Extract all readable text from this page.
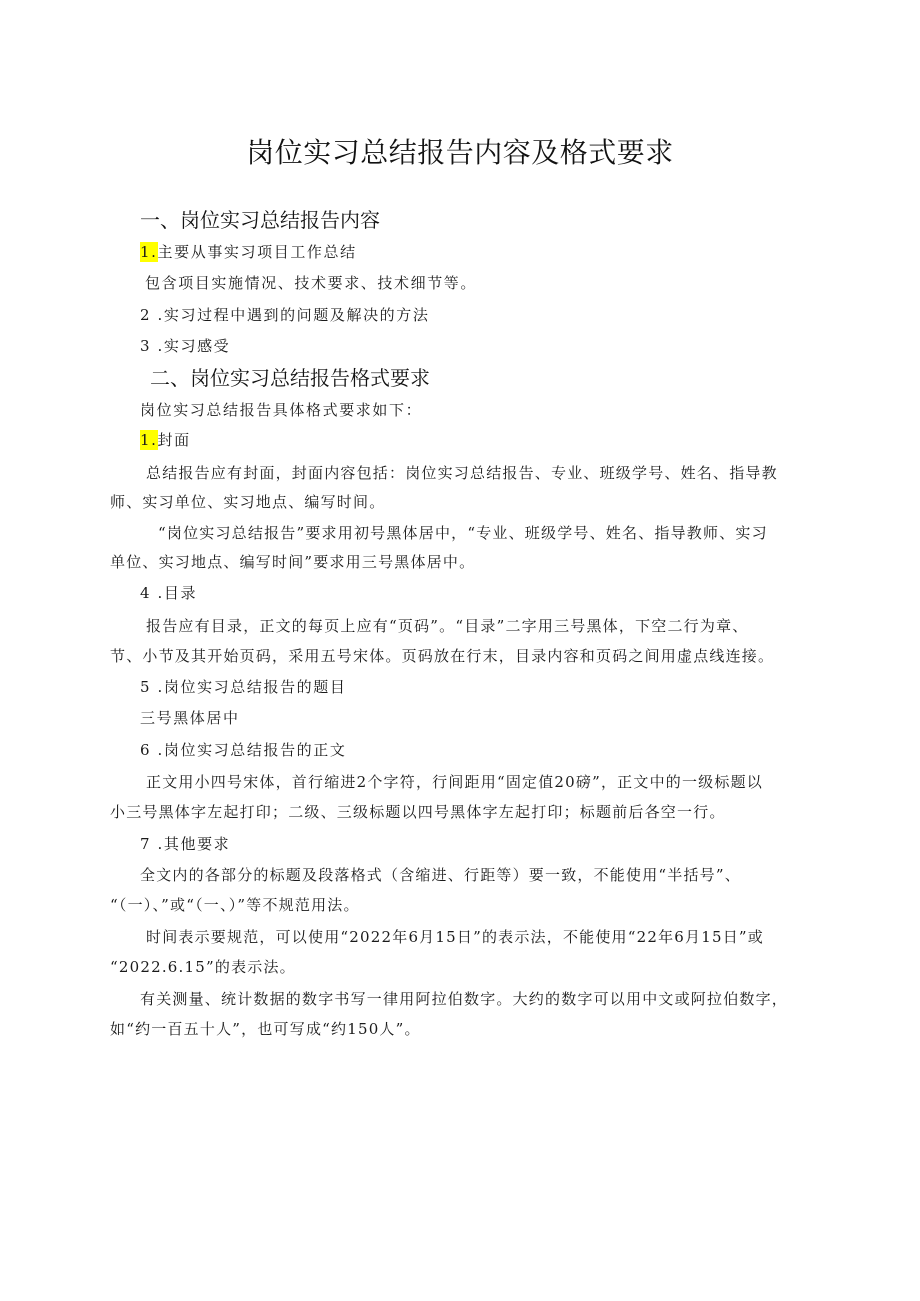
岗位实习总结报告内容及格式要求
一、岗位实习总结报告内容
1.主要从事实习项目工作总结
包含项目实施情况、技术要求、技术细节等。
2 .实习过程中遇到的问题及解决的方法
3 .实习感受
二、岗位实习总结报告格式要求
岗位实习总结报告具体格式要求如下：
1.封面
总结报告应有封面，封面内容包括：岗位实习总结报告、专业、班级学号、姓名、指导教
师、实习单位、实习地点、编写时间。
“岗位实习总结报告”要求用初号黑体居中，“专业、班级学号、姓名、指导教师、实习
单位、实习地点、编写时间”要求用三号黑体居中。
4 .目录
报告应有目录，正文的每页上应有“页码”。“目录”二字用三号黑体，下空二行为章、
节、小节及其开始页码，采用五号宋体。页码放在行末，目录内容和页码之间用虚点线连接。
5 .岗位实习总结报告的题目
三号黑体居中
6 .岗位实习总结报告的正文
正文用小四号宋体，首行缩进2个字符，行间距用“固定值20磅”，正文中的一级标题以
小三号黑体字左起打印；二级、三级标题以四号黑体字左起打印；标题前后各空一行。
7 .其他要求
全文内的各部分的标题及段落格式（含缩进、行距等）要一致，不能使用“半括号”、
“（一）、”或“（一、）”等不规范用法。
时间表示要规范，可以使用“2022年6月15日”的表示法，不能使用“22年6月15日”或
“2022.6.15”的表示法。
有关测量、统计数据的数字书写一律用阿拉伯数字。大约的数字可以用中文或阿拉伯数字，
如“约一百五十人”，也可写成“约150人”。
